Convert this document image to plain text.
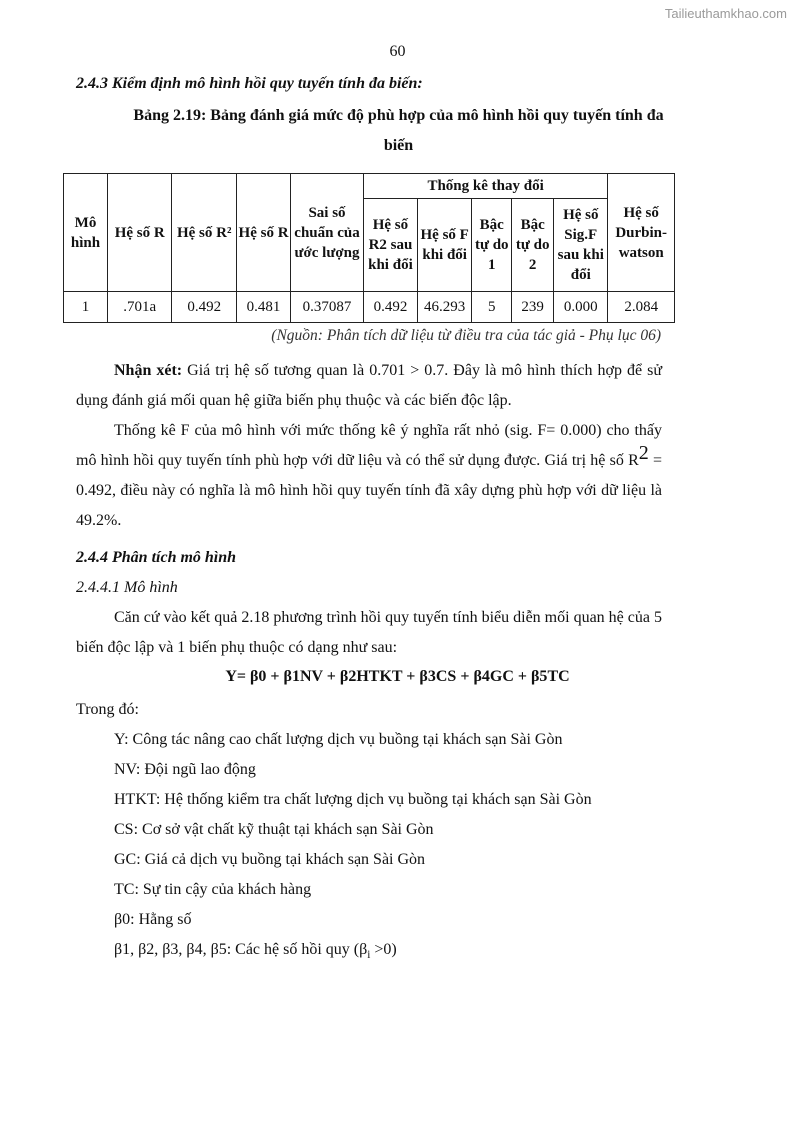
Tailieuthamkhao.com
60
2.4.3 Kiểm định mô hình hồi quy tuyến tính đa biến:
Bảng 2.19: Bảng đánh giá mức độ phù hợp của mô hình hồi quy tuyến tính đa
biến
Mô hình	Hệ số R	Hệ số R²	Hệ số R	Sai số chuẩn của ước lượng	Thống kê thay đổi					Hệ số Durbin-watson
					Hệ số R2 sau khi đổi	Hệ số F khi đổi	Bậc tự do 1	Bậc tự do 2	Hệ số Sig.F sau khi đổi	
1	.701a	0.492	0.481	0.37087	0.492	46.293	5	239	0.000	2.084
(Nguồn: Phân tích dữ liệu từ điều tra của tác giả - Phụ lục 06)
Nhận xét: Giá trị hệ số tương quan là 0.701 > 0.7. Đây là mô hình thích hợp để sử dụng đánh giá mối quan hệ giữa biến phụ thuộc và các biến độc lập.
Thống kê F của mô hình với mức thống kê ý nghĩa rất nhỏ (sig. F= 0.000) cho thấy mô hình hồi quy tuyến tính phù hợp với dữ liệu và có thể sử dụng được. Giá trị hệ số R2 = 0.492, điều này có nghĩa là mô hình hồi quy tuyến tính đã xây dựng phù hợp với dữ liệu là 49.2%.
2.4.4 Phân tích mô hình
2.4.4.1 Mô hình
Căn cứ vào kết quả 2.18 phương trình hồi quy tuyến tính biểu diễn mối quan hệ của 5 biến độc lập và 1 biến phụ thuộc có dạng như sau:
Y= β0 + β1NV + β2HTKT + β3CS + β4GC + β5TC
Trong đó:
Y: Công tác nâng cao chất lượng dịch vụ buồng tại khách sạn Sài Gòn
NV: Đội ngũ lao động
HTKT: Hệ thống kiểm tra chất lượng dịch vụ buồng tại khách sạn Sài Gòn
CS: Cơ sở vật chất kỹ thuật tại khách sạn Sài Gòn
GC: Giá cả dịch vụ buồng tại khách sạn Sài Gòn
TC: Sự tin cậy của khách hàng
β0: Hằng số
β1, β2, β3, β4, β5: Các hệ số hồi quy $(\beta_i >0)$
